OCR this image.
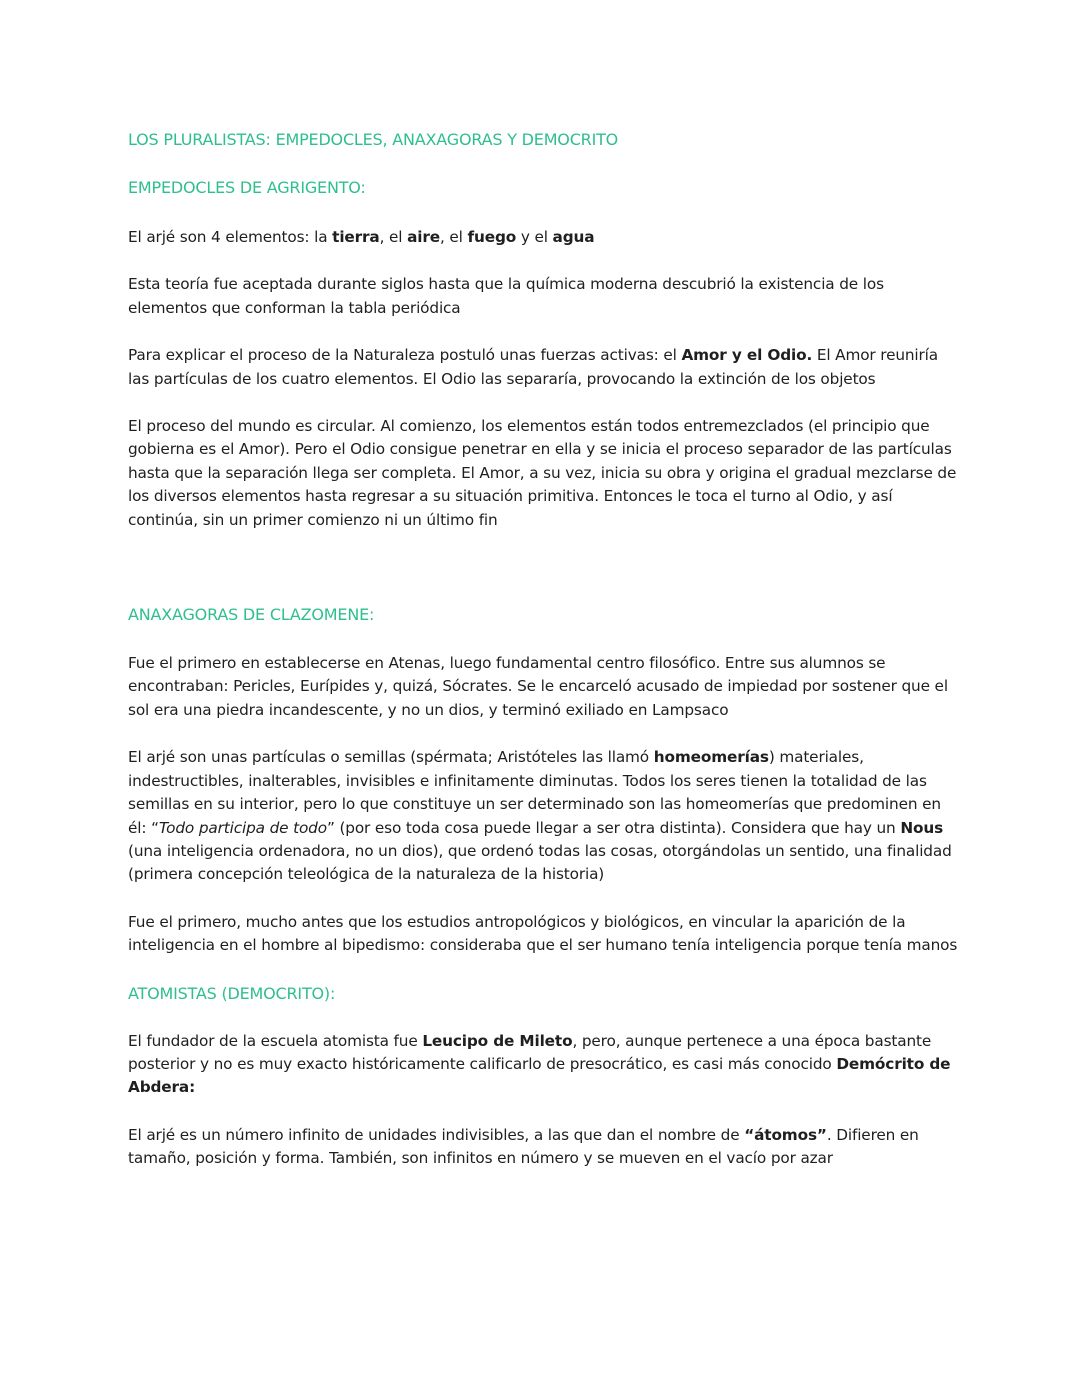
LOS PLURALISTAS: EMPEDOCLES, ANAXAGORAS Y DEMOCRITO
EMPEDOCLES DE AGRIGENTO:

El arjé son 4 elementos: la tierra, el aire, el fuego y el agua

Esta teoría fue aceptada durante siglos hasta que la química moderna descubrió la existencia de los elementos que conforman la tabla periódica

Para explicar el proceso de la Naturaleza postuló unas fuerzas activas: el Amor y el Odio. El Amor reuniría las partículas de los cuatro elementos. El Odio las separaría, provocando la extinción de los objetos

El proceso del mundo es circular. Al comienzo, los elementos están todos entremezclados (el principio que gobierna es el Amor). Pero el Odio consigue penetrar en ella y se inicia el proceso separador de las partículas hasta que la separación llega ser completa. El Amor, a su vez, inicia su obra y origina el gradual mezclarse de los diversos elementos hasta regresar a su situación primitiva. Entonces le toca el turno al Odio, y así continúa, sin un primer comienzo ni un último fin

ANAXAGORAS DE CLAZOMENE:

Fue el primero en establecerse en Atenas, luego fundamental centro filosófico. Entre sus alumnos se encontraban: Pericles, Eurípides y, quizá, Sócrates. Se le encarceló acusado de impiedad por sostener que el sol era una piedra incandescente, y no un dios, y terminó exiliado en Lampsaco

El arjé son unas partículas o semillas (spérmata; Aristóteles las llamó homeomerías) materiales, indestructibles, inalterables, invisibles e infinitamente diminutas. Todos los seres tienen la totalidad de las semillas en su interior, pero lo que constituye un ser determinado son las homeomerías que predominen en él: “Todo participa de todo” (por eso toda cosa puede llegar a ser otra distinta). Considera que hay un Nous (una inteligencia ordenadora, no un dios), que ordenó todas las cosas, otorgándolas un sentido, una finalidad (primera concepción teleológica de la naturaleza de la historia)

Fue el primero, mucho antes que los estudios antropológicos y biológicos, en vincular la aparición de la inteligencia en el hombre al bipedismo: consideraba que el ser humano tenía inteligencia porque tenía manos

ATOMISTAS (DEMOCRITO):

El fundador de la escuela atomista fue Leucipo de Mileto, pero, aunque pertenece a una época bastante posterior y no es muy exacto históricamente calificarlo de presocrático, es casi más conocido Demócrito de Abdera:

El arjé es un número infinito de unidades indivisibles, a las que dan el nombre de “átomos”. Difieren en tamaño, posición y forma. También, son infinitos en número y se mueven en el vacío por azar
